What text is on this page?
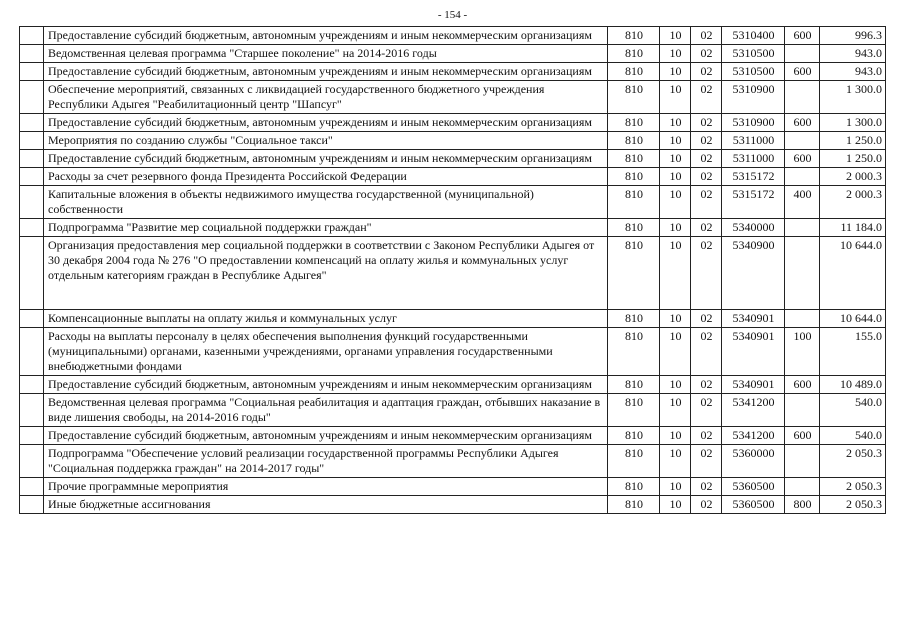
- 154 -
	Предоставление субсидий бюджетным, автономным учреждениям и иным некоммерческим организациям	810	10	02	5310400	600	996.3
	Ведомственная целевая программа "Старшее поколение" на 2014-2016 годы	810	10	02	5310500		943.0
	Предоставление субсидий бюджетным, автономным учреждениям и иным некоммерческим организациям	810	10	02	5310500	600	943.0
	Обеспечение мероприятий, связанных с ликвидацией государственного бюджетного учреждения Республики Адыгея "Реабилитационный центр "Шапсуг"	810	10	02	5310900		1 300.0
	Предоставление субсидий бюджетным, автономным учреждениям и иным некоммерческим организациям	810	10	02	5310900	600	1 300.0
	Мероприятия по созданию службы "Социальное такси"	810	10	02	5311000		1 250.0
	Предоставление субсидий бюджетным, автономным учреждениям и иным некоммерческим организациям	810	10	02	5311000	600	1 250.0
	Расходы за счет резервного фонда Президента Российской Федерации	810	10	02	5315172		2 000.3
	Капитальные вложения в объекты недвижимого имущества государственной (муниципальной) собственности	810	10	02	5315172	400	2 000.3
	Подпрограмма "Развитие мер социальной поддержки граждан"	810	10	02	5340000		11 184.0
	Организация предоставления мер социальной поддержки в соответствии с Законом Республики Адыгея от 30 декабря 2004 года № 276 "О предоставлении компенсаций на оплату жилья и коммунальных услуг отдельным категориям граждан в Республике Адыгея"	810	10	02	5340900		10 644.0
	Компенсационные выплаты на оплату жилья и коммунальных услуг	810	10	02	5340901		10 644.0
	Расходы на выплаты персоналу в целях обеспечения выполнения функций государственными (муниципальными) органами, казенными учреждениями, органами управления государственными внебюджетными фондами	810	10	02	5340901	100	155.0
	Предоставление субсидий бюджетным, автономным учреждениям и иным некоммерческим организациям	810	10	02	5340901	600	10 489.0
	Ведомственная целевая программа "Социальная реабилитация и адаптация граждан, отбывших наказание в виде лишения свободы, на 2014-2016 годы"	810	10	02	5341200		540.0
	Предоставление субсидий бюджетным, автономным учреждениям и иным некоммерческим организациям	810	10	02	5341200	600	540.0
	Подпрограмма "Обеспечение условий реализации государственной программы Республики Адыгея "Социальная поддержка граждан" на 2014-2017 годы"	810	10	02	5360000		2 050.3
	Прочие программные мероприятия	810	10	02	5360500		2 050.3
	Иные бюджетные ассигнования	810	10	02	5360500	800	2 050.3
